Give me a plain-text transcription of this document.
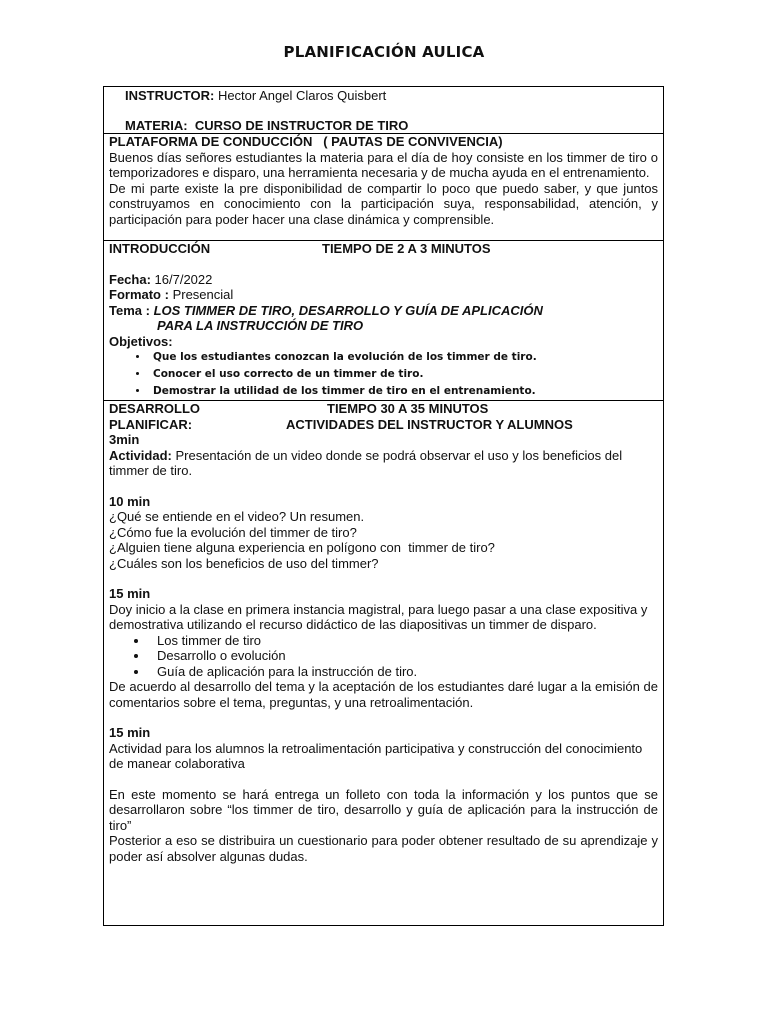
PLANIFICACIÓN AULICA
INSTRUCTOR: Hector Angel Claros Quisbert
MATERIA: CURSO DE INSTRUCTOR DE TIRO
PLATAFORMA DE CONDUCCIÓN   ( PAUTAS DE CONVIVENCIA)
Buenos días señores estudiantes la materia para el día de hoy consiste en los timmer de tiro o temporizadores e disparo, una herramienta necesaria y de mucha ayuda en el entrenamiento.
De mi parte existe la pre disponibilidad de compartir lo poco que puedo saber, y que juntos construyamos en conocimiento con la participación suya, responsabilidad, atención, y participación para poder hacer una clase dinámica y comprensible.
INTRODUCCIÓN	TIEMPO DE 2 A 3 MINUTOS
Fecha: 16/7/2022
Formato : Presencial
Tema : LOS TIMMER DE TIRO, DESARROLLO Y GUÍA DE APLICACIÓN
PARA LA INSTRUCCIÓN DE TIRO
Objetivos:
• Que los estudiantes conozcan la evolución de los timmer de tiro.
• Conocer el uso correcto de un timmer de tiro.
• Demostrar la utilidad de los timmer de tiro en el entrenamiento.
DESARROLLO	TIEMPO 30 A 35 MINUTOS
PLANIFICAR:	ACTIVIDADES DEL INSTRUCTOR Y ALUMNOS
3min
Actividad: Presentación de un video donde se podrá observar el uso y los beneficios del timmer de tiro.
10 min
¿Qué se entiende en el video? Un resumen.
¿Cómo fue la evolución del timmer de tiro?
¿Alguien tiene alguna experiencia en polígono con  timmer de tiro?
¿Cuáles son los beneficios de uso del timmer?
15 min
Doy inicio a la clase en primera instancia magistral, para luego pasar a una clase expositiva y demostrativa utilizando el recurso didáctico de las diapositivas un timmer de disparo.
• Los timmer de tiro
• Desarrollo o evolución
• Guía de aplicación para la instrucción de tiro.
De acuerdo al desarrollo del tema y la aceptación de los estudiantes daré lugar a la emisión de comentarios sobre el tema, preguntas, y una retroalimentación.
15 min
Actividad para los alumnos la retroalimentación participativa y construcción del conocimiento de manear colaborativa
En este momento se hará entrega un folleto con toda la información y los puntos que se desarrollaron sobre “los timmer de tiro, desarrollo y guía de aplicación para la instrucción de tiro”
Posterior a eso se distribuira un cuestionario para poder obtener resultado de su aprendizaje y poder así absolver algunas dudas.
